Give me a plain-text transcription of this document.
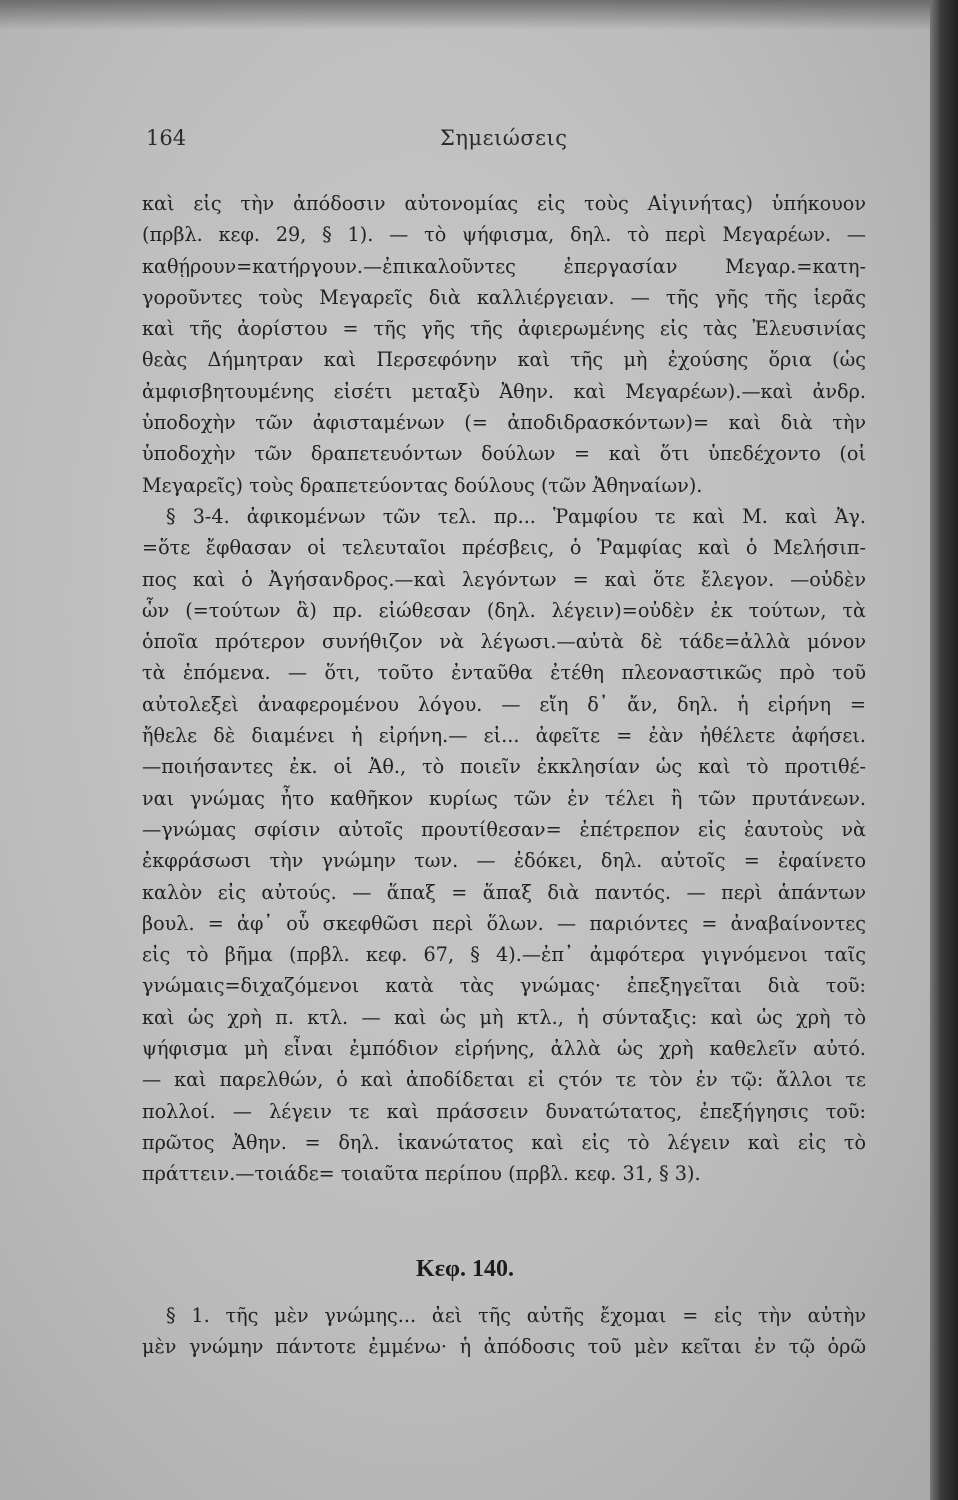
164	Σημειώσεις
καὶ εἰς τὴν ἀπόδοσιν αὐτονομίας εἰς τοὺς Αἰγινήτας) ὑπήκουον
(πρβλ. κεφ. 29, § 1). — τὸ ψήφισμα, δηλ. τὸ περὶ Μεγαρέων. —
καθῄρουν=κατήργουν.—ἐπικαλοῦντες ἐπεργασίαν Μεγαρ.=κατη-
γοροῦντες τοὺς Μεγαρεῖς διὰ καλλιέργειαν. — τῆς γῆς τῆς ἱερᾶς
καὶ τῆς ἀορίστου = τῆς γῆς τῆς ἀφιερωμένης εἰς τὰς Ἐλευσινίας
θεὰς Δήμητραν καὶ Περσεφόνην καὶ τῆς μὴ ἐχούσης ὅρια (ὡς
ἀμφισβητουμένης εἰσέτι μεταξὺ Ἀθην. καὶ Μεγαρέων).—καὶ ἀνδρ.
ὑποδοχὴν τῶν ἀφισταμένων (= ἀποδιδρασκόντων)= καὶ διὰ τὴν
ὑποδοχὴν τῶν δραπετευόντων δούλων = καὶ ὅτι ὑπεδέχοντο (οἱ
Μεγαρεῖς) τοὺς δραπετεύοντας δούλους (τῶν Ἀθηναίων).
§ 3-4. ἀφικομένων τῶν τελ. πρ... Ῥαμφίου τε καὶ Μ. καὶ Ἀγ.
=ὅτε ἔφθασαν οἱ τελευταῖοι πρέσβεις, ὁ Ῥαμφίας καὶ ὁ Μελήσιπ-
πος καὶ ὁ Ἀγήσανδρος.—καὶ λεγόντων = καὶ ὅτε ἔλεγον. —οὐδὲν
ὧν (=τούτων ἃ) πρ. εἰώθεσαν (δηλ. λέγειν)=οὐδὲν ἐκ τούτων, τὰ
ὁποῖα πρότερον συνήθιζον νὰ λέγωσι.—αὐτὰ δὲ τάδε=ἀλλὰ μόνον
τὰ ἑπόμενα. — ὅτι, τοῦτο ἐνταῦθα ἐτέθη πλεοναστικῶς πρὸ τοῦ
αὐτολεξεὶ ἀναφερομένου λόγου. — εἴη δ᾽ ἄν, δηλ. ἡ εἰρήνη =
ἤθελε δὲ διαμένει ἡ εἰρήνη.— εἰ... ἀφεῖτε = ἐὰν ἠθέλετε ἀφήσει.
—ποιήσαντες ἐκ. οἱ Ἀθ., τὸ ποιεῖν ἐκκλησίαν ὡς καὶ τὸ προτιθέ-
ναι γνώμας ἦτο καθῆκον κυρίως τῶν ἐν τέλει ἢ τῶν πρυτάνεων.
—γνώμας σφίσιν αὐτοῖς προυτίθεσαν= ἐπέτρεπον εἰς ἑαυτοὺς νὰ
ἐκφράσωσι τὴν γνώμην των. — ἐδόκει, δηλ. αὐτοῖς = ἐφαίνετο
καλὸν εἰς αὐτούς. — ἅπαξ = ἅπαξ διὰ παντός. — περὶ ἁπάντων
βουλ. = ἀφ᾽ οὗ σκεφθῶσι περὶ ὅλων. — παριόντες = ἀναβαίνοντες
εἰς τὸ βῆμα (πρβλ. κεφ. 67, § 4).—ἐπ᾽ ἀμφότερα γιγνόμενοι ταῖς
γνώμαις=διχαζόμενοι κατὰ τὰς γνώμας· ἐπεξηγεῖται διὰ τοῦ:
καὶ ὡς χρὴ π. κτλ. — καὶ ὡς μὴ κτλ., ἡ σύνταξις: καὶ ὡς χρὴ τὸ
ψήφισμα μὴ εἶναι ἐμπόδιον εἰρήνης, ἀλλὰ ὡς χρὴ καθελεῖν αὐτό.
— καὶ παρελθών, ὁ καὶ ἀποδίδεται εἰ ςτόν τε τὸν ἐν τῷ: ἄλλοι τε
πολλοί. — λέγειν τε καὶ πράσσειν δυνατώτατος, ἐπεξήγησις τοῦ:
πρῶτος Ἀθην. = δηλ. ἱκανώτατος καὶ εἰς τὸ λέγειν καὶ εἰς τὸ
πράττειν.—τοιάδε= τοιαῦτα περίπου (πρβλ. κεφ. 31, § 3).
Κεφ. 140.
§ 1. τῆς μὲν γνώμης... ἀεὶ τῆς αὐτῆς ἔχομαι = εἰς τὴν αὐτὴν
μὲν γνώμην πάντοτε ἐμμένω· ἡ ἀπόδοσις τοῦ μὲν κεῖται ἐν τῷ ὁρῶ
